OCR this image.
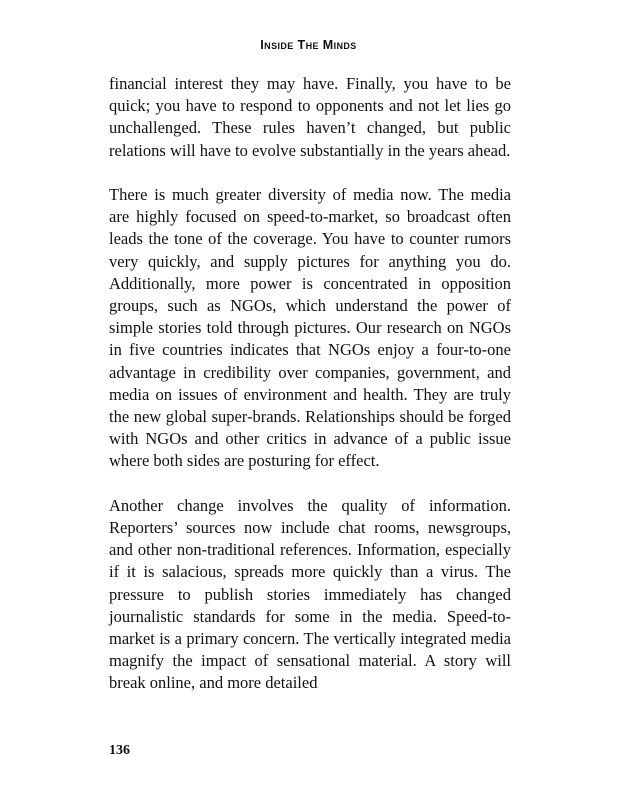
Inside The Minds

financial interest they may have. Finally, you have to be quick; you have to respond to opponents and not let lies go unchallenged. These rules haven’t changed, but public relations will have to evolve substantially in the years ahead.

There is much greater diversity of media now. The media are highly focused on speed-to-market, so broadcast often leads the tone of the coverage. You have to counter rumors very quickly, and supply pictures for anything you do. Additionally, more power is concentrated in opposition groups, such as NGOs, which understand the power of simple stories told through pictures. Our research on NGOs in five countries indicates that NGOs enjoy a four-to-one advantage in credibility over companies, government, and media on issues of environment and health. They are truly the new global super-brands. Relationships should be forged with NGOs and other critics in advance of a public issue where both sides are posturing for effect.

Another change involves the quality of information. Reporters’ sources now include chat rooms, newsgroups, and other non-traditional references. Information, especially if it is salacious, spreads more quickly than a virus. The pressure to publish stories immediately has changed journalistic standards for some in the media. Speed-to-market is a primary concern. The vertically integrated media magnify the impact of sensational material. A story will break online, and more detailed

136
